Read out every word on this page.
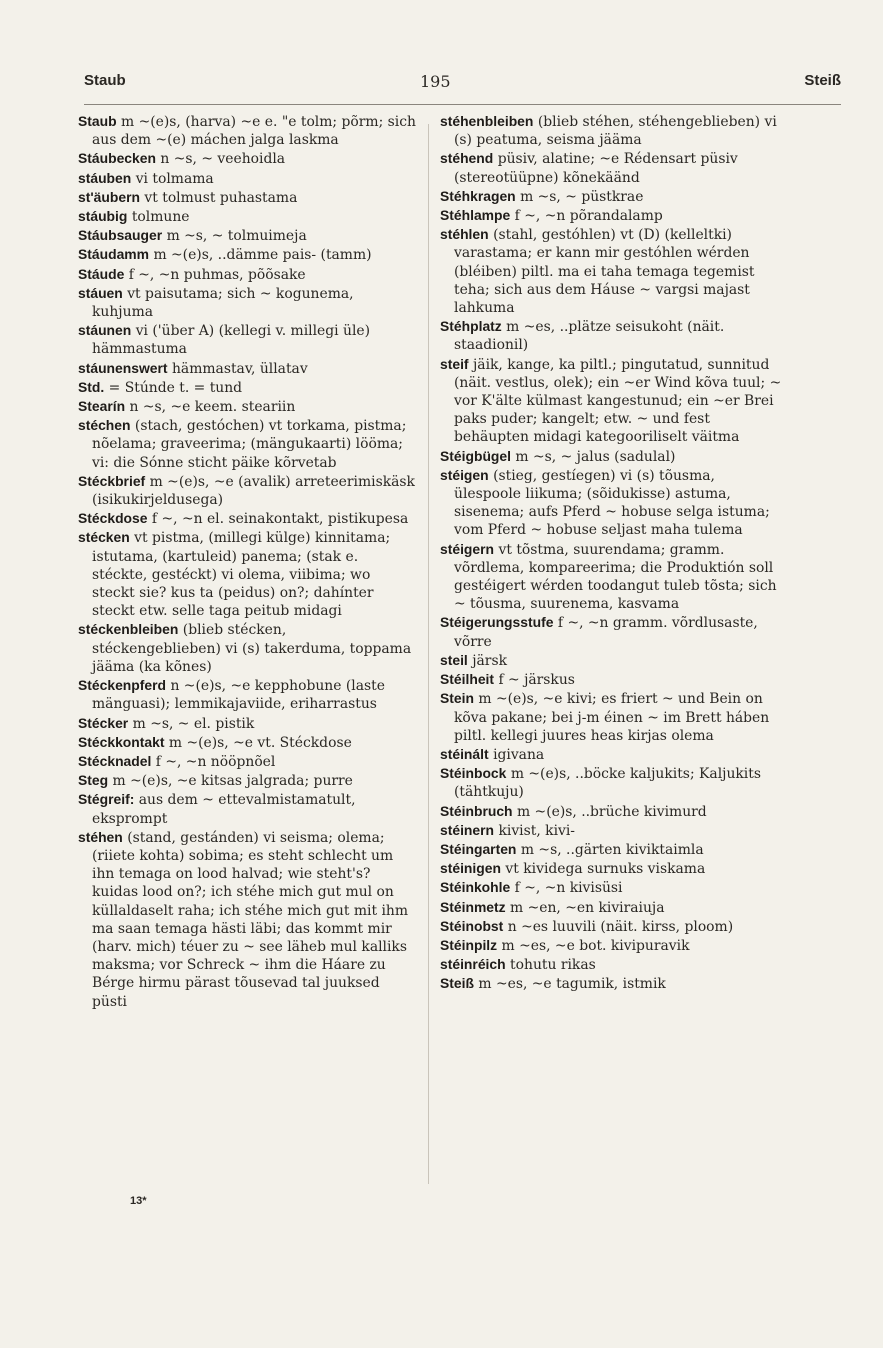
Staub	195	Steiß
Staub m ~(e)s, (harva) ~e e. "e tolm; põrm; sich aus dem ~(e) máchen jalga laskma
Stáubecken n ~s, ~ veehoidla
stáuben vi tolmama
st'äubern vt tolmust puhastama
stáubig tolmune
Stáubsauger m ~s, ~ tolmuimeja
Stáudamm m ~(e)s, ..dämme pais- (tamm)
Stáude f ~, ~n puhmas, põõsake
stáuen vt paisutama; sich ~ kogunema, kuhjuma
stáunen vi ('über A) (kellegi v. millegi üle) hämmastuma
stáunenswert hämmastav, üllatav
Std. = Stúnde t. = tund
Stearín n ~s, ~e keem. steariin
stéchen (stach, gestóchen) vt torkama, pistma; nõelama; graveerima; (mängukaarti) lööma; vi: die Sónne sticht päike kõrvetab
Stéckbrief m ~(e)s, ~e (avalik) arreteerimiskäsk (isikukirjeldusega)
Stéckdose f ~, ~n el. seinakontakt, pistikupesa
stécken vt pistma, (millegi külge) kinnitama; istutama, (kartuleid) panema; (stak e. stéckte, gestéckt) vi olema, viibima; wo steckt sie? kus ta (peidus) on?; dahínter steckt etw. selle taga peitub midagi
stéckenbleiben (blieb stécken, stéckengeblieben) vi (s) takerduma, toppama jääma (ka kõnes)
Stéckenpferd n ~(e)s, ~e kepphobune (laste mänguasi); lemmikajaviide, eriharrastus
Stécker m ~s, ~ el. pistik
Stéckkontakt m ~(e)s, ~e vt. Stéckdose
Stécknadel f ~, ~n nööpnõel
Steg m ~(e)s, ~e kitsas jalgrada; purre
Stégreif: aus dem ~ ettevalmistamatult, eksprompt
stéhen (stand, gestánden) vi seisma; olema; (riiete kohta) sobima; es steht schlecht um ihn temaga on lood halvad; wie steht's? kuidas lood on?; ich stéhe mich gut mul on küllaldaselt raha; ich stéhe mich gut mit ihm ma saan temaga hästi läbi; das kommt mir (harv. mich) téuer zu ~ see läheb mul kalliks maksma; vor Schreck ~ ihm die Háare zu Bérge hirmu pärast tõusevad tal juuksed püsti
stéhenbleiben (blieb stéhen, stéhengeblieben) vi (s) peatuma, seisma jääma
stéhend püsiv, alatine; ~e Rédensart püsiv (stereotüüpne) kõnekäänd
Stéhkragen m ~s, ~ püstkrae
Stéhlampe f ~, ~n põrandalamp
stéhlen (stahl, gestóhlen) vt (D) (kelleltki) varastama; er kann mir gestóhlen wérden (bléiben) piltl. ma ei taha temaga tegemist teha; sich aus dem Háuse ~ vargsi majast lahkuma
Stéhplatz m ~es, ..plätze seisukoht (näit. staadionil)
steif jäik, kange, ka piltl.; pingutatud, sunnitud (näit. vestlus, olek); ein ~er Wind kõva tuul; ~ vor K'älte külmast kangestunud; ein ~er Brei paks puder; kangelt; etw. ~ und fest behäupten midagi kategooriliselt väitma
Stéigbügel m ~s, ~ jalus (sadulal)
stéigen (stieg, gestíegen) vi (s) tõusma, ülespoole liikuma; (sõidukisse) astuma, sisenema; aufs Pferd ~ hobuse selga istuma; vom Pferd ~ hobuse seljast maha tulema
stéigern vt tõstma, suurendama; gramm. võrdlema, kompareerima; die Produktión soll gestéigert wérden toodangut tuleb tõsta; sich ~ tõusma, suurenema, kasvama
Stéigerungsstufe f ~, ~n gramm. võrdlusaste, võrre
steil järsk
Stéilheit f ~ järskus
Stein m ~(e)s, ~e kivi; es friert ~ und Bein on kõva pakane; bei j-m éinen ~ im Brett háben piltl. kellegi juures heas kirjas olema
stéinált igivana
Stéinbock m ~(e)s, ..böcke kaljukits; Kaljukits (tähtkuju)
Stéinbruch m ~(e)s, ..brüche kivimurd
stéinern kivist, kivi-
Stéingarten m ~s, ..gärten kiviktaimla
stéinigen vt kividega surnuks viskama
Stéinkohle f ~, ~n kivisüsi
Stéinmetz m ~en, ~en kiviraiuja
Stéinobst n ~es luuvili (näit. kirss, ploom)
Stéinpilz m ~es, ~e bot. kivipuravik
stéinréich tohutu rikas
Steiß m ~es, ~e tagumik, istmik
13*
